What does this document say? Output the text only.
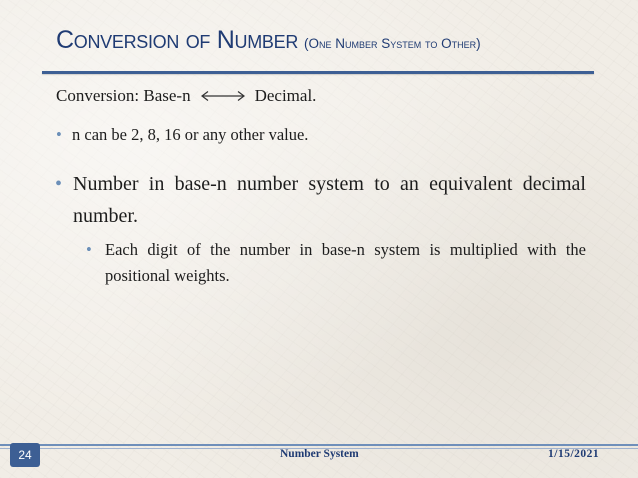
Conversion of Number (One Number System to Other)
Conversion: Base-n	Decimal.
• n can be 2, 8, 16 or any other value.
• Number in base-n number system to an equivalent decimal number.
• Each digit of the number in base-n system is multiplied with the positional weights.
24	Number System	1/15/2021
